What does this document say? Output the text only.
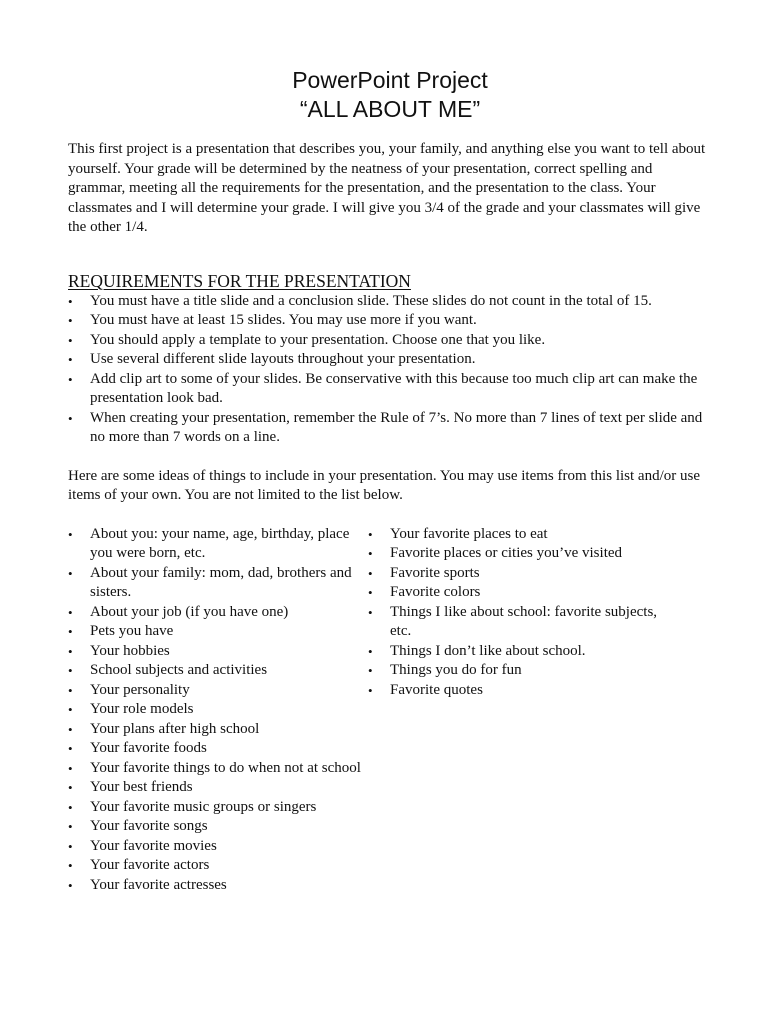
PowerPoint Project
“ALL ABOUT ME”
This first project is a presentation that describes you, your family, and anything else you want to tell about yourself. Your grade will be determined by the neatness of your presentation, correct spelling and grammar, meeting all the requirements for the presentation, and the presentation to the class. Your classmates and I will determine your grade. I will give you 3/4 of the grade and your classmates will give the other 1/4.
REQUIREMENTS FOR THE PRESENTATION
• You must have a title slide and a conclusion slide. These slides do not count in the total of 15.
• You must have at least 15 slides. You may use more if you want.
• You should apply a template to your presentation. Choose one that you like.
• Use several different slide layouts throughout your presentation.
• Add clip art to some of your slides. Be conservative with this because too much clip art can make the presentation look bad.
• When creating your presentation, remember the Rule of 7’s. No more than 7 lines of text per slide and no more than 7 words on a line.
Here are some ideas of things to include in your presentation. You may use items from this list and/or use items of your own. You are not limited to the list below.
• About you: your name, age, birthday, place you were born, etc.
• About your family: mom, dad, brothers and sisters.
• About your job (if you have one)
• Pets you have
• Your hobbies
• School subjects and activities
• Your personality
• Your role models
• Your plans after high school
• Your favorite foods
• Your favorite things to do when not at school
• Your best friends
• Your favorite music groups or singers
• Your favorite songs
• Your favorite movies
• Your favorite actors
• Your favorite actresses
• Your favorite places to eat
• Favorite places or cities you’ve visited
• Favorite sports
• Favorite colors
• Things I like about school: favorite subjects, etc.
• Things I don’t like about school.
• Things you do for fun
• Favorite quotes
